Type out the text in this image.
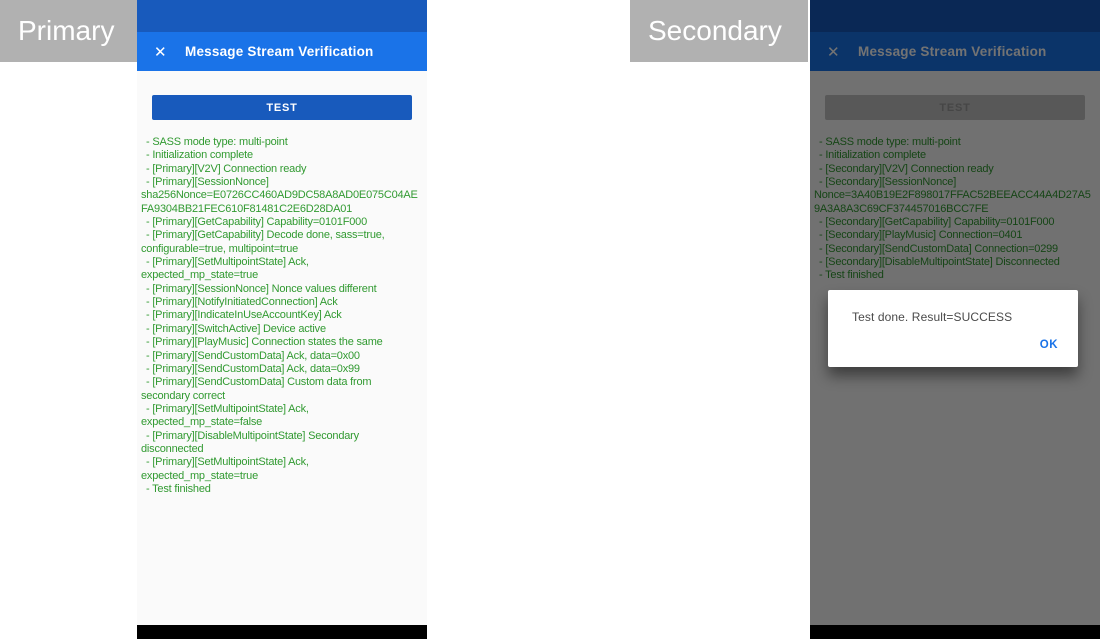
Primary	Secondary
✕ Message Stream Verification
TEST
- SASS mode type: multi-point
- Initialization complete
- [Primary][V2V] Connection ready
- [Primary][SessionNonce] sha256Nonce=E0726CC460AD9DC58A8AD0E075C04AEFA9304BB21FEC610F81481C2E6D28DA01
- [Primary][GetCapability] Capability=0101F000
- [Primary][GetCapability] Decode done, sass=true, configurable=true, multipoint=true
- [Primary][SetMultipointState] Ack, expected_mp_state=true
- [Primary][SessionNonce] Nonce values different
- [Primary][NotifyInitiatedConnection] Ack
- [Primary][IndicateInUseAccountKey] Ack
- [Primary][SwitchActive] Device active
- [Primary][PlayMusic] Connection states the same
- [Primary][SendCustomData] Ack, data=0x00
- [Primary][SendCustomData] Ack, data=0x99
- [Primary][SendCustomData] Custom data from secondary correct
- [Primary][SetMultipointState] Ack, expected_mp_state=false
- [Primary][DisableMultipointState] Secondary disconnected
- [Primary][SetMultipointState] Ack, expected_mp_state=true
- Test finished
-
-
-
-
-
-
-
-
-
Test done. Result=SUCCESS
OK
